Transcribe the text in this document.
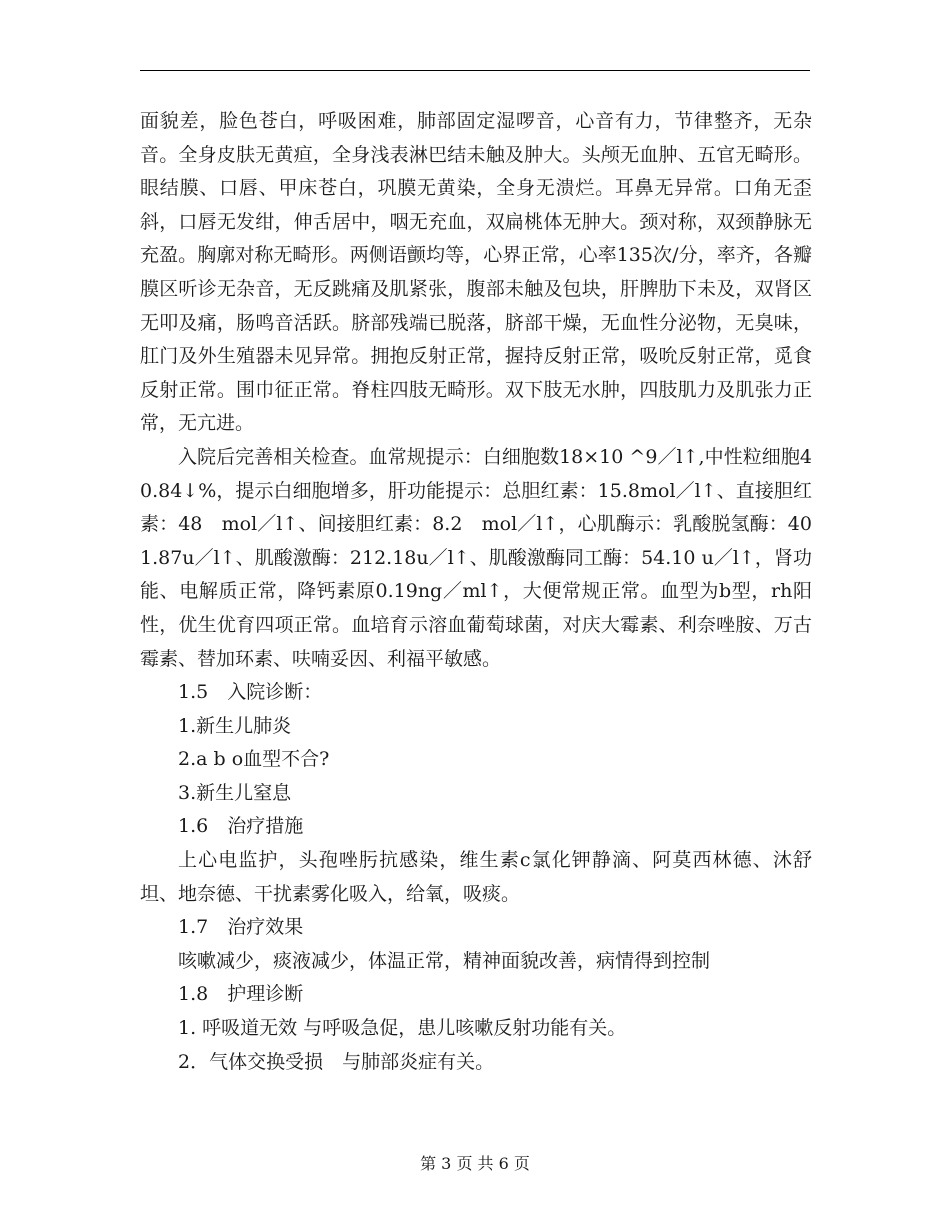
面貌差，脸色苍白，呼吸困难，肺部固定湿啰音，心音有力，节律整齐，无杂音。全身皮肤无黄疸，全身浅表淋巴结未触及肿大。头颅无血肿、五官无畸形。眼结膜、口唇、甲床苍白，巩膜无黄染，全身无溃烂。耳鼻无异常。口角无歪斜，口唇无发绀，伸舌居中，咽无充血，双扁桃体无肿大。颈对称，双颈静脉无充盈。胸廓对称无畸形。两侧语颤均等，心界正常，心率135次/分，率齐，各瓣膜区听诊无杂音，无反跳痛及肌紧张，腹部未触及包块，肝脾肋下未及，双肾区无叩及痛，肠鸣音活跃。脐部残端已脱落，脐部干燥，无血性分泌物，无臭味，肛门及外生殖器未见异常。拥抱反射正常，握持反射正常，吸吮反射正常，觅食反射正常。围巾征正常。脊柱四肢无畸形。双下肢无水肿，四肢肌力及肌张力正常，无亢进。

入院后完善相关检查。血常规提示：白细胞数18×10 ^9／l↑,中性粒细胞40.84↓%，提示白细胞增多，肝功能提示：总胆红素：15.8mol／l↑、直接胆红素：48　mol／l↑、间接胆红素：8.2　mol／l↑，心肌酶示：乳酸脱氢酶：401.87u／l↑、肌酸激酶：212.18u／l↑、肌酸激酶同工酶：54.10 u／l↑，肾功能、电解质正常，降钙素原0.19ng／ml↑，大便常规正常。血型为b型，rh阳性，优生优育四项正常。血培育示溶血葡萄球菌，对庆大霉素、利奈唑胺、万古霉素、替加环素、呋喃妥因、利福平敏感。

1.5　入院诊断：

1.新生儿肺炎

2.a b o血型不合?

3.新生儿窒息

1.6　治疗措施

上心电监护，头孢唑肟抗感染，维生素c氯化钾静滴、阿莫西林德、沐舒坦、地奈德、干扰素雾化吸入，给氧，吸痰。

1.7　治疗效果

咳嗽减少，痰液减少，体温正常，精神面貌改善，病情得到控制

1.8　护理诊断

1. 呼吸道无效 与呼吸急促，患儿咳嗽反射功能有关。

2．气体交换受损　与肺部炎症有关。

第 3 页 共 6 页
